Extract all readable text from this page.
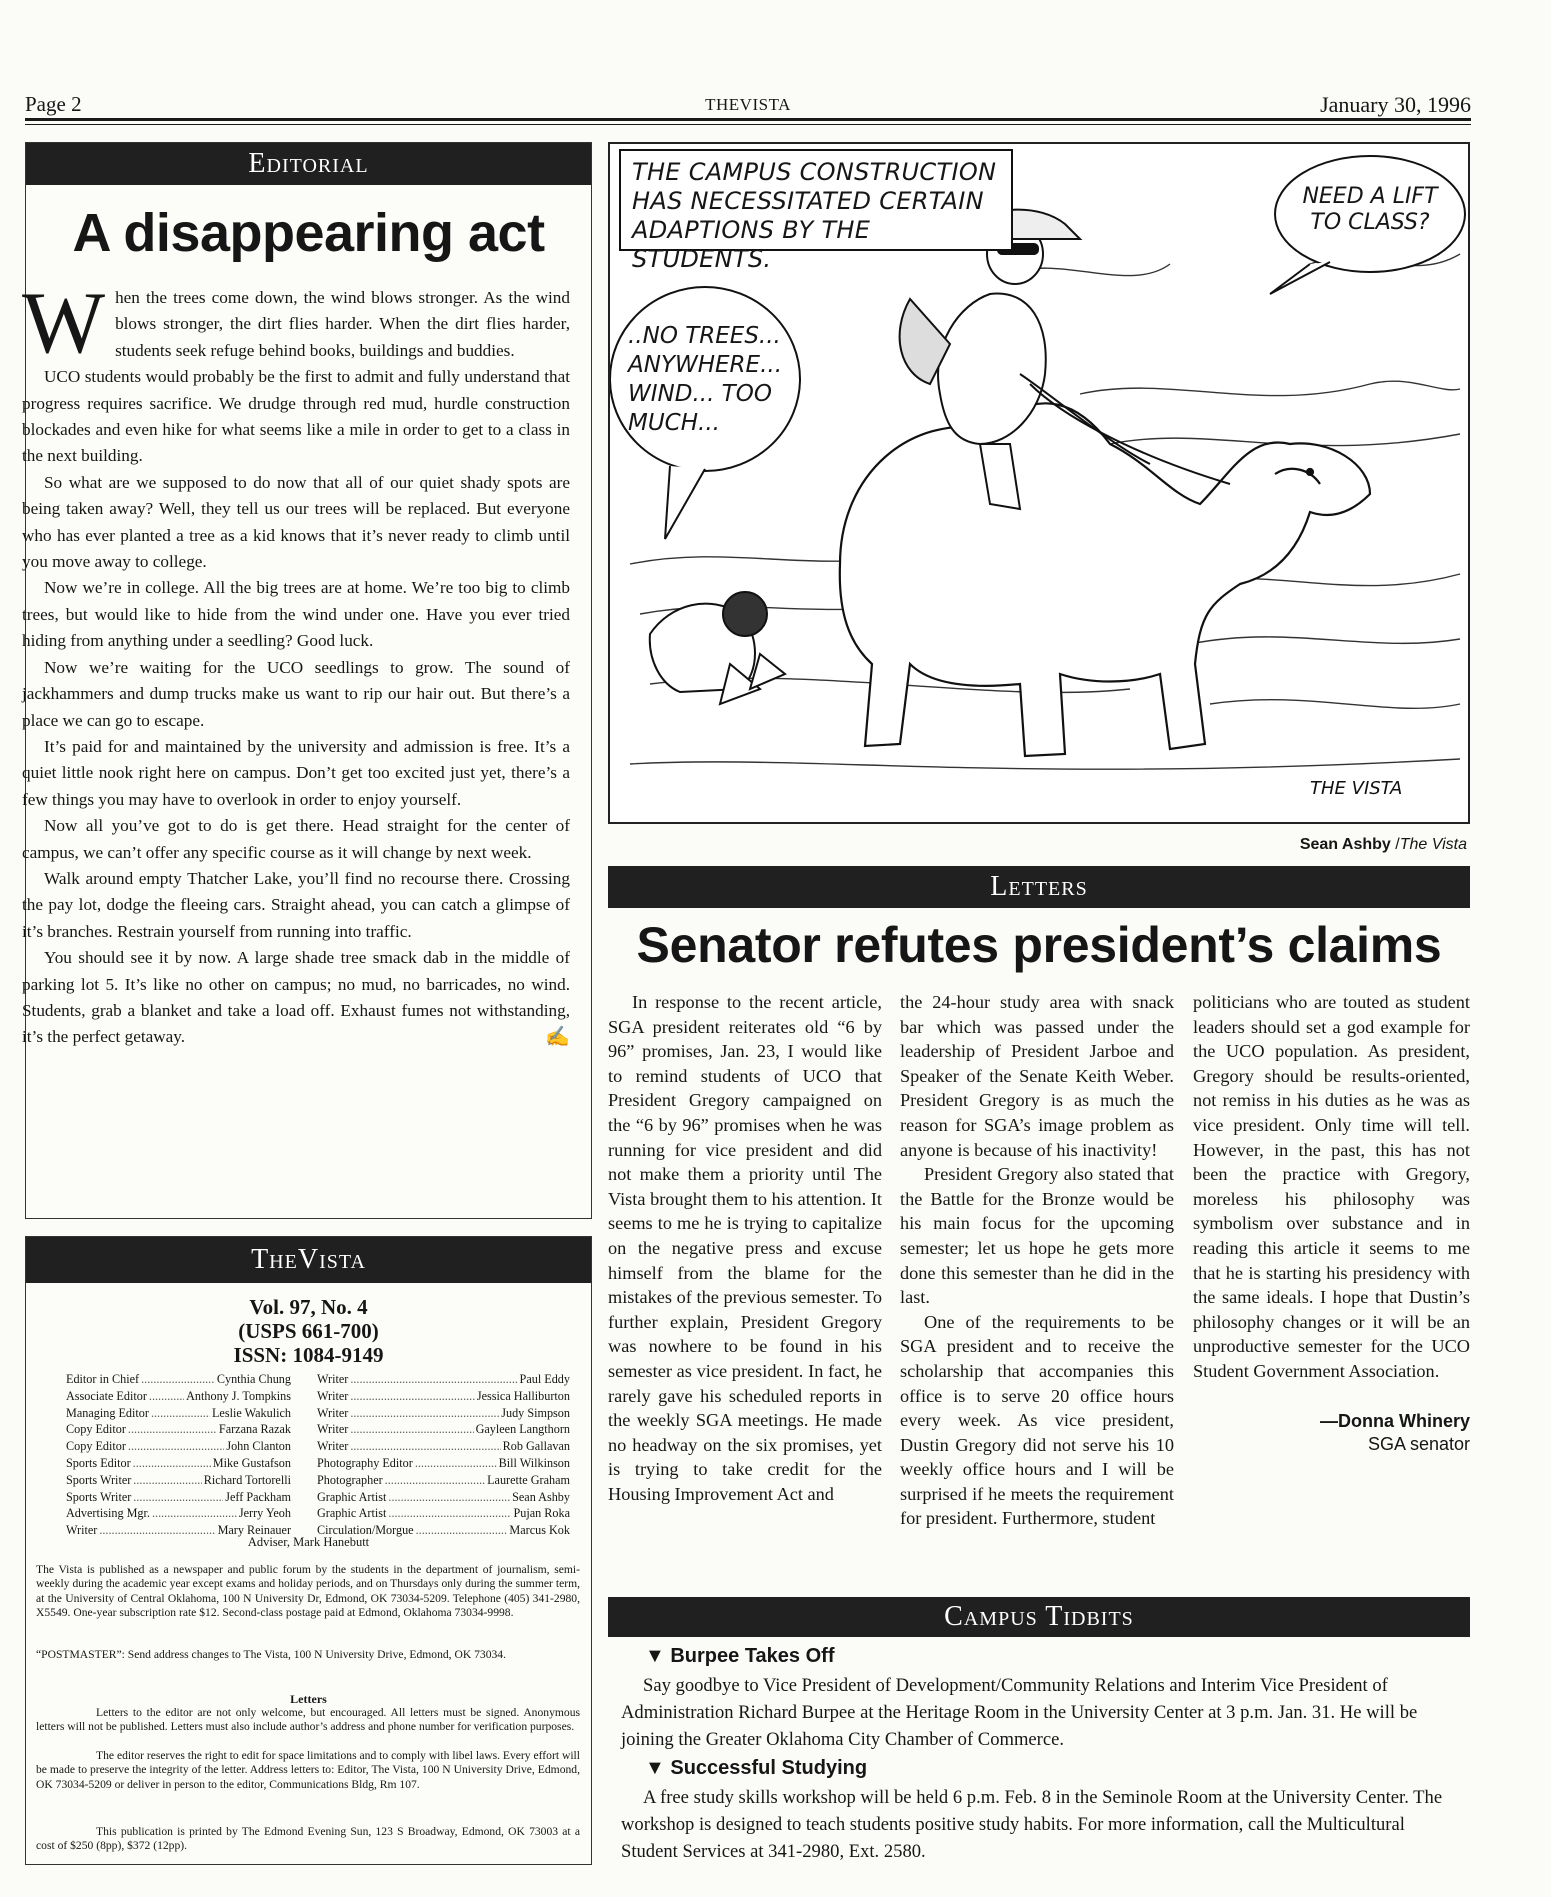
Page 2	THEVISTA	January 30, 1996
Editorial
A disappearing act

When the trees come down, the wind blows stronger. As the wind blows stronger, the dirt flies harder. When the dirt flies harder, students seek refuge behind books, buildings and buddies.

UCO students would probably be the first to admit and fully understand that progress requires sacrifice. We drudge through red mud, hurdle construction blockades and even hike for what seems like a mile in order to get to a class in the next building.

So what are we supposed to do now that all of our quiet shady spots are being taken away? Well, they tell us our trees will be replaced. But everyone who has ever planted a tree as a kid knows that it’s never ready to climb until you move away to college.

Now we’re in college. All the big trees are at home. We’re too big to climb trees, but would like to hide from the wind under one. Have you ever tried hiding from anything under a seedling? Good luck.

Now we’re waiting for the UCO seedlings to grow. The sound of jackhammers and dump trucks make us want to rip our hair out. But there’s a place we can go to escape.

It’s paid for and maintained by the university and admission is free. It’s a quiet little nook right here on campus. Don’t get too excited just yet, there’s a few things you may have to overlook in order to enjoy yourself.

Now all you’ve got to do is get there. Head straight for the center of campus, we can’t offer any specific course as it will change by next week.

Walk around empty Thatcher Lake, you’ll find no recourse there. Crossing the pay lot, dodge the fleeing cars. Straight ahead, you can catch a glimpse of it’s branches. Restrain yourself from running into traffic.

You should see it by now. A large shade tree smack dab in the middle of parking lot 5. It’s like no other on campus; no mud, no barricades, no wind. Students, grab a blanket and take a load off. Exhaust fumes not withstanding, it’s the perfect getaway.	✍

TheVista
Vol. 97, No. 4
(USPS 661-700)
ISSN: 1084-9149
Editor in Chief .....	Cynthia Chung
Associate Editor .....	Anthony J. Tompkins
Managing Editor .....	Leslie Wakulich
Copy Editor .....	Farzana Razak
Copy Editor .....	John Clanton
Sports Editor .....	Mike Gustafson
Sports Writer .....	Richard Tortorelli
Sports Writer .....	Jeff Packham
Advertising Mgr. .....	Jerry Yeoh
Writer .....	Mary Reinauer
Writer .....	Paul Eddy
Writer .....	Jessica Halliburton
Writer .....	Judy Simpson
Writer .....	Gayleen Langthorn
Writer .....	Rob Gallavan
Photography Editor .....	Bill Wilkinson
Photographer .....	Laurette Graham
Graphic Artist .....	Sean Ashby
Graphic Artist .....	Pujan Roka
Circulation/Morgue .....	Marcus Kok
Adviser, Mark Hanebutt
The Vista is published as a newspaper and public forum by the students in the department of journalism, semi-weekly during the academic year except exams and holiday periods, and on Thursdays only during the summer term, at the University of Central Oklahoma, 100 N University Dr, Edmond, OK 73034-5209. Telephone (405) 341-2980, X5549. One-year subscription rate $12. Second-class postage paid at Edmond, Oklahoma 73034-9998.
“POSTMASTER”: Send address changes to The Vista, 100 N University Drive, Edmond, OK 73034.
Letters
Letters to the editor are not only welcome, but encouraged. All letters must be signed. Anonymous letters will not be published. Letters must also include author’s address and phone number for verification purposes.
The editor reserves the right to edit for space limitations and to comply with libel laws. Every effort will be made to preserve the integrity of the letter. Address letters to: Editor, The Vista, 100 N University Drive, Edmond, OK 73034-5209 or deliver in person to the editor, Communications Bldg, Rm 107.
This publication is printed by The Edmond Evening Sun, 123 S Broadway, Edmond, OK 73003 at a cost of $250 (8pp), $372 (12pp).
THE VISTA
THE CAMPUS CONSTRUCTION HAS NECESSITATED CERTAIN ADAPTIONS BY THE STUDENTS.
NEED A LIFT
TO CLASS?
..NO TREES...
ANYWHERE...
WIND... TOO
MUCH...
Sean Ashby /The Vista
Letters
Senator refutes president’s claims

In response to the recent article, SGA president reiterates old “6 by 96” promises, Jan. 23, I would like to remind students of UCO that President Gregory campaigned on the “6 by 96” promises when he was running for vice president and did not make them a priority until The Vista brought them to his attention. It seems to me he is trying to capitalize on the negative press and excuse himself from the blame for the mistakes of the previous semester. To further explain, President Gregory was nowhere to be found in his semester as vice president. In fact, he rarely gave his scheduled reports in the weekly SGA meetings. He made no headway on the six promises, yet is trying to take credit for the Housing Improvement Act and

the 24-hour study area with snack bar which was passed under the leadership of President Jarboe and Speaker of the Senate Keith Weber. President Gregory is as much the reason for SGA’s image problem as anyone is because of his inactivity!

President Gregory also stated that the Battle for the Bronze would be his main focus for the upcoming semester; let us hope he gets more done this semester than he did in the last.

One of the requirements to be SGA president and to receive the scholarship that accompanies this office is to serve 20 office hours every week. As vice president, Dustin Gregory did not serve his 10 weekly office hours and I will be surprised if he meets the requirement for president. Furthermore, student

politicians who are touted as student leaders should set a god example for the UCO population. As president, Gregory should be results-oriented, not remiss in his duties as he was as vice president. Only time will tell. However, in the past, this has not been the practice with Gregory, moreless his philosophy was symbolism over substance and in reading this article it seems to me that he is starting his presidency with the same ideals. I hope that Dustin’s philosophy changes or it will be an unproductive semester for the UCO Student Government Association.

—Donna Whinery
SGA senator
Campus Tidbits
▼ Burpee Takes Off
Say goodbye to Vice President of Development/Community Relations and Interim Vice President of Administration Richard Burpee at the Heritage Room in the University Center at 3 p.m. Jan. 31. He will be joining the Greater Oklahoma City Chamber of Commerce.
▼ Successful Studying
A free study skills workshop will be held 6 p.m. Feb. 8 in the Seminole Room at the University Center. The workshop is designed to teach students positive study habits. For more information, call the Multicultural Student Services at 341-2980, Ext. 2580.
